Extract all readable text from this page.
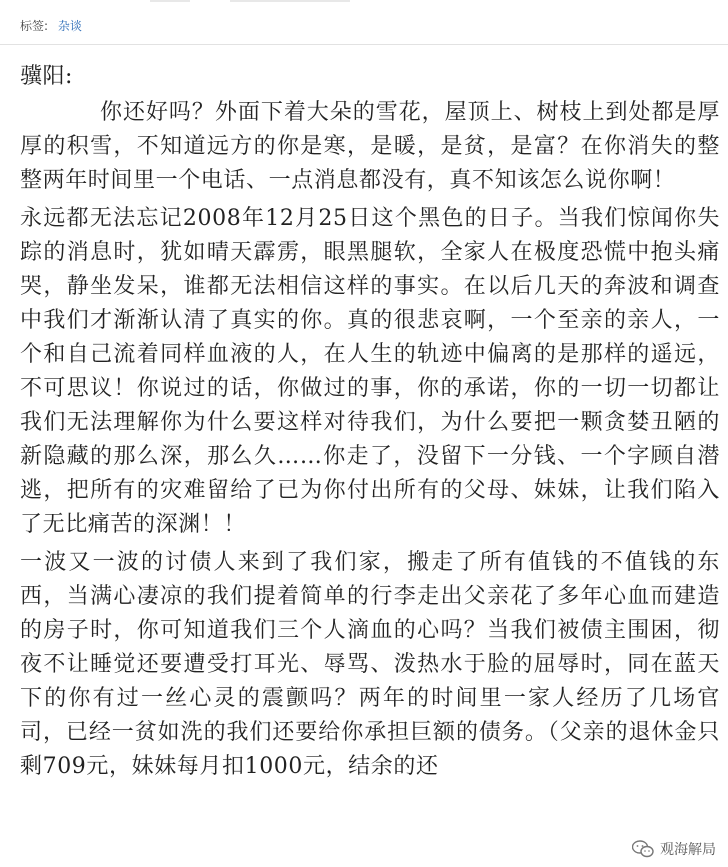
标签: 杂谈

骥阳:

你还好吗？外面下着大朵的雪花，屋顶上、树枝上到处都是厚厚的积雪，不知道远方的你是寒，是暖，是贫，是富？在你消失的整整两年时间里一个电话、一点消息都没有，真不知该怎么说你啊！

永远都无法忘记2008年12月25日这个黑色的日子。当我们惊闻你失踪的消息时，犹如晴天霹雳，眼黑腿软，全家人在极度恐慌中抱头痛哭，静坐发呆，谁都无法相信这样的事实。在以后几天的奔波和调查中我们才渐渐认清了真实的你。真的很悲哀啊，一个至亲的亲人，一个和自己流着同样血液的人，在人生的轨迹中偏离的是那样的遥远，不可思议！你说过的话，你做过的事，你的承诺，你的一切一切都让我们无法理解你为什么要这样对待我们，为什么要把一颗贪婪丑陋的新隐藏的那么深，那么久……你走了，没留下一分钱、一个字顾自潜逃，把所有的灾难留给了已为你付出所有的父母、妹妹，让我们陷入了无比痛苦的深渊！！

一波又一波的讨债人来到了我们家，搬走了所有值钱的不值钱的东西，当满心凄凉的我们提着简单的行李走出父亲花了多年心血而建造的房子时，你可知道我们三个人滴血的心吗？当我们被债主围困，彻夜不让睡觉还要遭受打耳光、辱骂、泼热水于脸的屈辱时，同在蓝天下的你有过一丝心灵的震颤吗？两年的时间里一家人经历了几场官司，已经一贫如洗的我们还要给你承担巨额的债务。（父亲的退休金只剩709元，妹妹每月扣1000元，结余的还

观海解局
